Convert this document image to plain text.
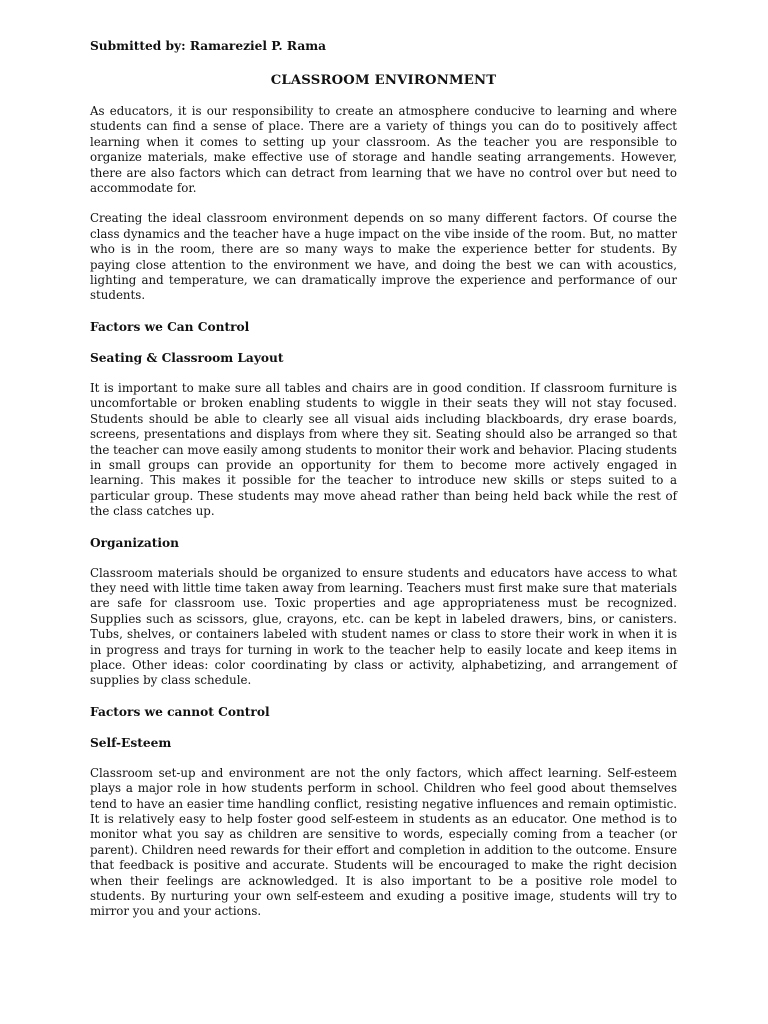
Submitted by: Ramareziel P. Rama
CLASSROOM ENVIRONMENT

As educators, it is our responsibility to create an atmosphere conducive to learning and where students can find a sense of place. There are a variety of things you can do to positively affect learning when it comes to setting up your classroom. As the teacher you are responsible to organize materials, make effective use of storage and handle seating arrangements. However, there are also factors which can detract from learning that we have no control over but need to accommodate for.

Creating the ideal classroom environment depends on so many different factors. Of course the class dynamics and the teacher have a huge impact on the vibe inside of the room. But, no matter who is in the room, there are so many ways to make the experience better for students. By paying close attention to the environment we have, and doing the best we can with acoustics, lighting and temperature, we can dramatically improve the experience and performance of our students.

Factors we Can Control
Seating & Classroom Layout

It is important to make sure all tables and chairs are in good condition. If classroom furniture is uncomfortable or broken enabling students to wiggle in their seats they will not stay focused. Students should be able to clearly see all visual aids including blackboards, dry erase boards, screens, presentations and displays from where they sit. Seating should also be arranged so that the teacher can move easily among students to monitor their work and behavior. Placing students in small groups can provide an opportunity for them to become more actively engaged in learning. This makes it possible for the teacher to introduce new skills or steps suited to a particular group. These students may move ahead rather than being held back while the rest of the class catches up.

Organization

Classroom materials should be organized to ensure students and educators have access to what they need with little time taken away from learning. Teachers must first make sure that materials are safe for classroom use. Toxic properties and age appropriateness must be recognized. Supplies such as scissors, glue, crayons, etc. can be kept in labeled drawers, bins, or canisters. Tubs, shelves, or containers labeled with student names or class to store their work in when it is in progress and trays for turning in work to the teacher help to easily locate and keep items in place. Other ideas: color coordinating by class or activity, alphabetizing, and arrangement of supplies by class schedule.

Factors we cannot Control
Self-Esteem

Classroom set-up and environment are not the only factors, which affect learning. Self-esteem plays a major role in how students perform in school. Children who feel good about themselves tend to have an easier time handling conflict, resisting negative influences and remain optimistic. It is relatively easy to help foster good self-esteem in students as an educator. One method is to monitor what you say as children are sensitive to words, especially coming from a teacher (or parent). Children need rewards for their effort and completion in addition to the outcome. Ensure that feedback is positive and accurate. Students will be encouraged to make the right decision when their feelings are acknowledged. It is also important to be a positive role model to students. By nurturing your own self-esteem and exuding a positive image, students will try to mirror you and your actions.
